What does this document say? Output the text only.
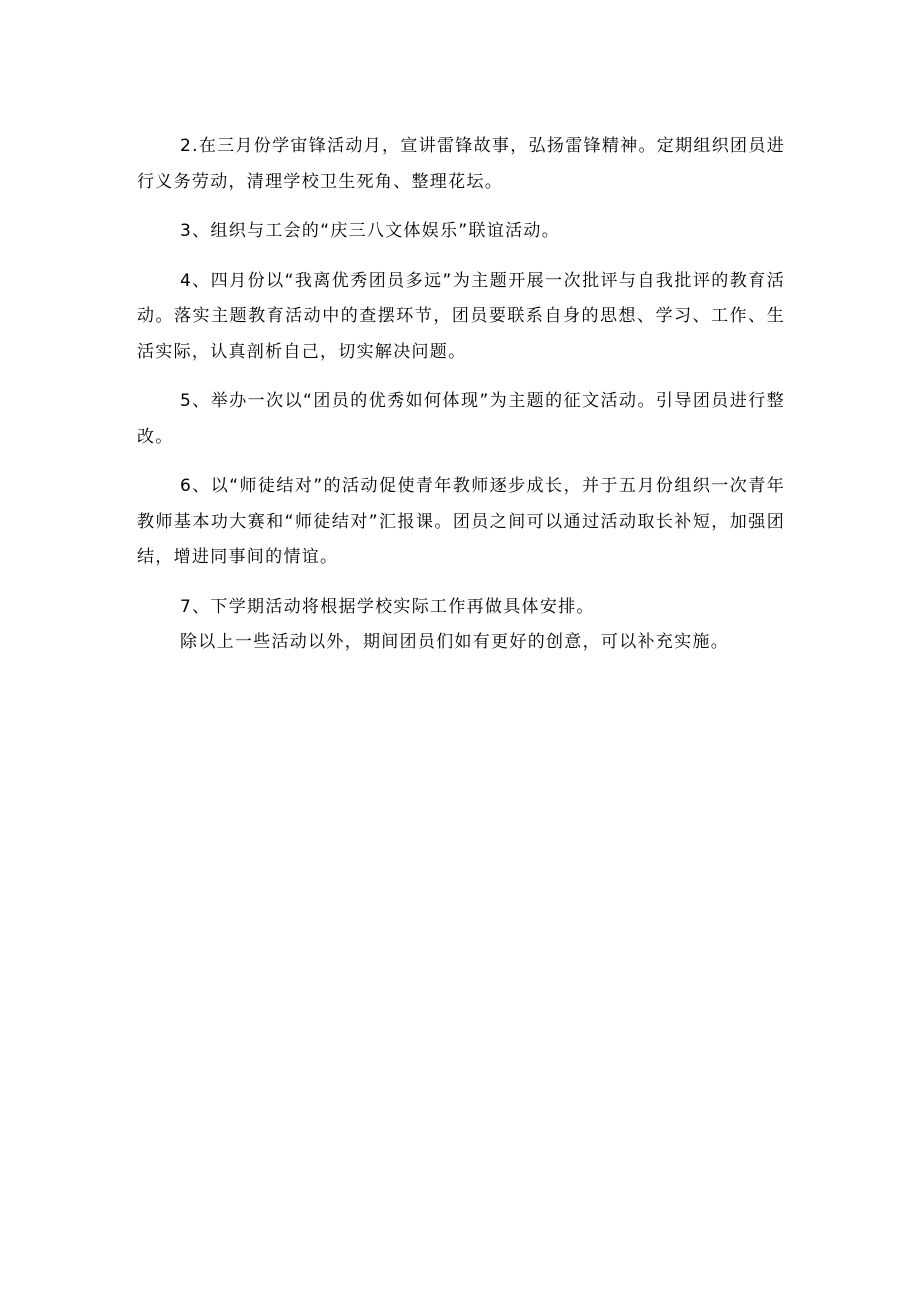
2.在三月份学宙锋活动月，宣讲雷锋故事，弘扬雷锋精神。定期组织团员进行义务劳动，清理学校卫生死角、整理花坛。

3、组织与工会的“庆三八文体娱乐”联谊活动。

4、四月份以“我离优秀团员多远”为主题开展一次批评与自我批评的教育活动。落实主题教育活动中的查摆环节，团员要联系自身的思想、学习、工作、生活实际，认真剖析自己，切实解决问题。

5、举办一次以“团员的优秀如何体现”为主题的征文活动。引导团员进行整改。

6、以“师徒结对”的活动促使青年教师逐步成长，并于五月份组织一次青年教师基本功大赛和“师徒结对”汇报课。团员之间可以通过活动取长补短，加强团结，增进同事间的情谊。

7、下学期活动将根据学校实际工作再做具体安排。

除以上一些活动以外，期间团员们如有更好的创意，可以补充实施。
